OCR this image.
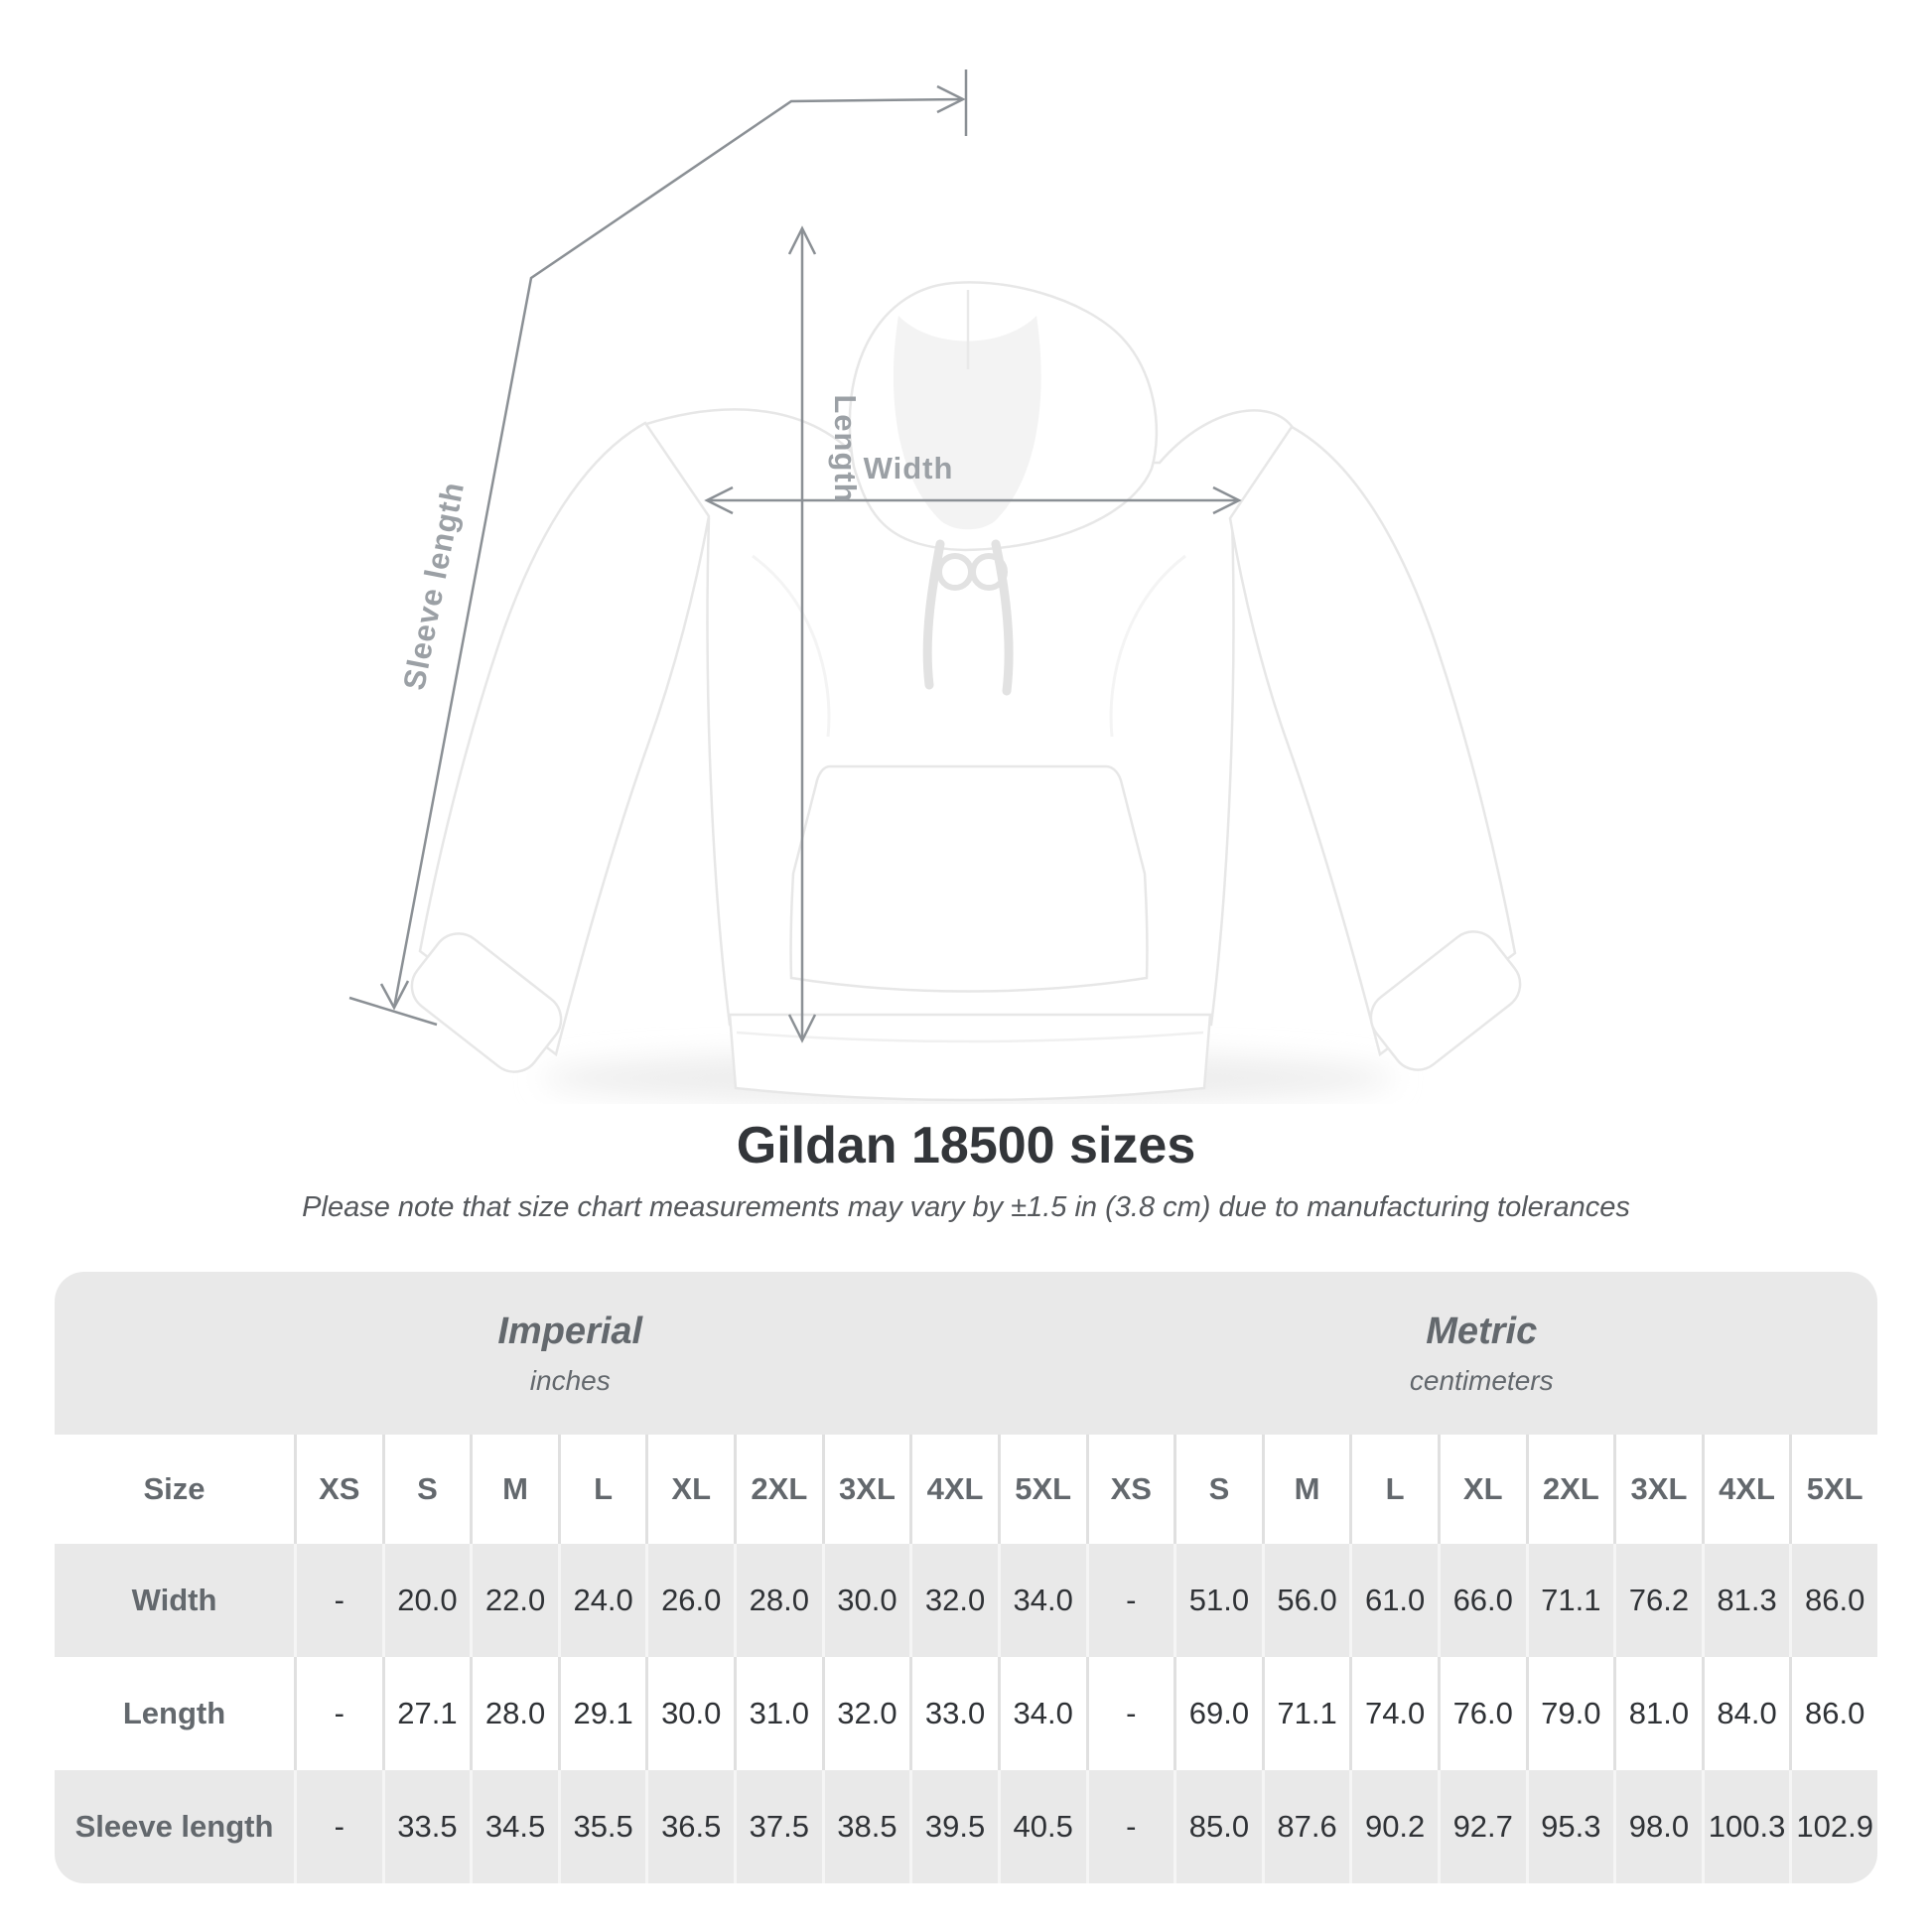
Sleeve length
Length Width
Gildan 18500 sizes
Please note that size chart measurements may vary by ±1.5 in (3.8 cm) due to manufacturing tolerances
Imperial
inches
Metric
centimeters
Size	XS	S	M	L	XL	2XL	3XL	4XL	5XL	XS	S	M	L	XL	2XL	3XL	4XL	5XL
Width	-	20.0 22.0 24.0 26.0 28.0 30.0 32.0 34.0	-	51.0 56.0 61.0 66.0 71.1 76.2 81.3 86.0
Length	-	27.1 28.0 29.1 30.0 31.0 32.0 33.0 34.0	-	69.0 71.1 74.0 76.0 79.0 81.0 84.0 86.0
Sleeve length	-	33.5 34.5 35.5 36.5 37.5 38.5 39.5 40.5	-	85.0 87.6 90.2 92.7 95.3 98.0 100.3 102.9
